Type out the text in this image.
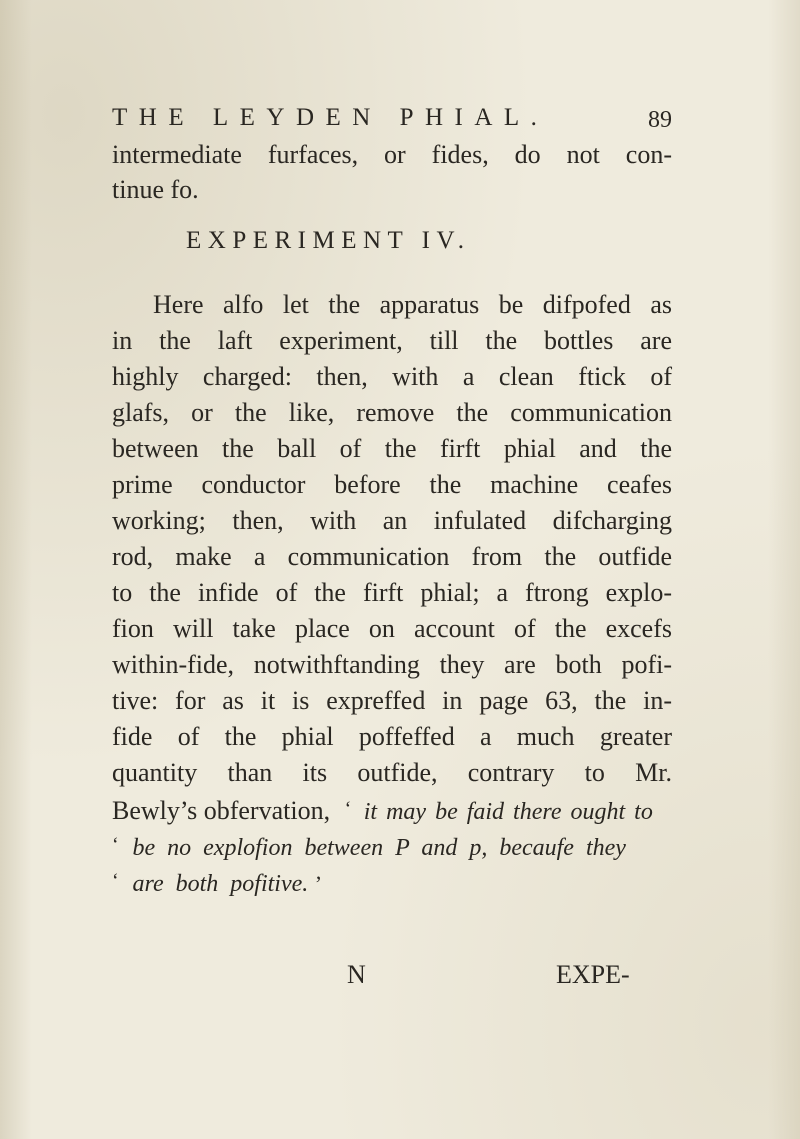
THE LEYDEN PHIAL.	89
intermediate furfaces, or fides, do not con-
tinue fo.
EXPERIMENT IV.
Here alfo let the apparatus be difpofed as
in the laft experiment, till the bottles are
highly charged: then, with a clean ftick of
glafs, or the like, remove the communication
between the ball of the firft phial and the
prime conductor before the machine ceafes
working; then, with an infulated difcharging
rod, make a communication from the outfide
to the infide of the firft phial; a ftrong explo-
fion will take place on account of the excefs
within-fide, notwithftanding they are both pofi-
tive: for as it is expreffed in page 63, the in-
fide of the phial poffeffed a much greater
quantity than its outfide, contrary to Mr.
Bewly’s obfervation, ‘ it may be faid there ought to
‘ be no explofion between P and p, becaufe they
‘ are both pofitive. ’
N	EXPE-
